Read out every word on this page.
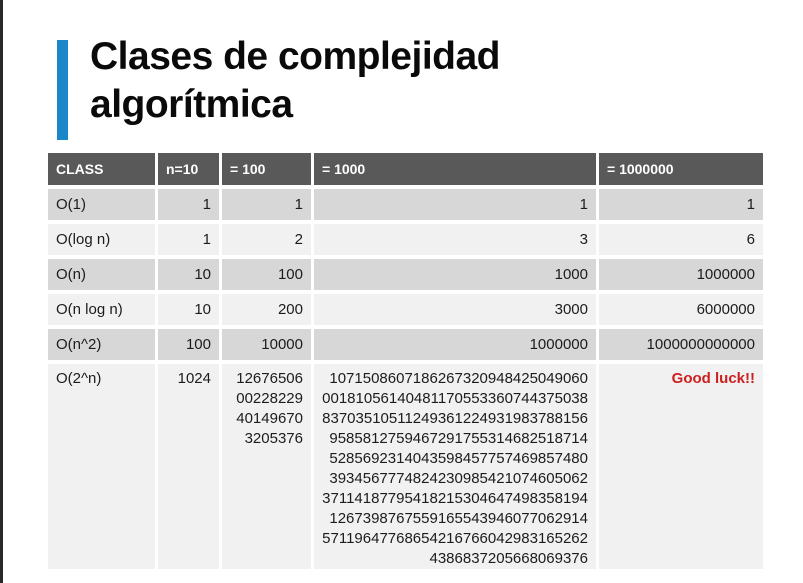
Clases de complejidad
algorítmica
CLASS	n=10	= 100	= 1000	= 1000000
O(1)	1	1	1	1
O(log n)	1	2	3	6
O(n)	10	100	1000	1000000
O(n log n)	10	200	3000	6000000
O(n^2)	100	10000	1000000	1000000000000
O(2^n)	1024	1267650600228229401496703205376	10715086071862673209484250490600018105614048117055336074437503883703510511249361224931983788156958581275946729175531468251871452856923140435984577574698574803934567774824230985421074605062371141877954182153046474983581941267398767559165543946077062914571196477686542167660429831652624386837205668069376	Good luck!!
